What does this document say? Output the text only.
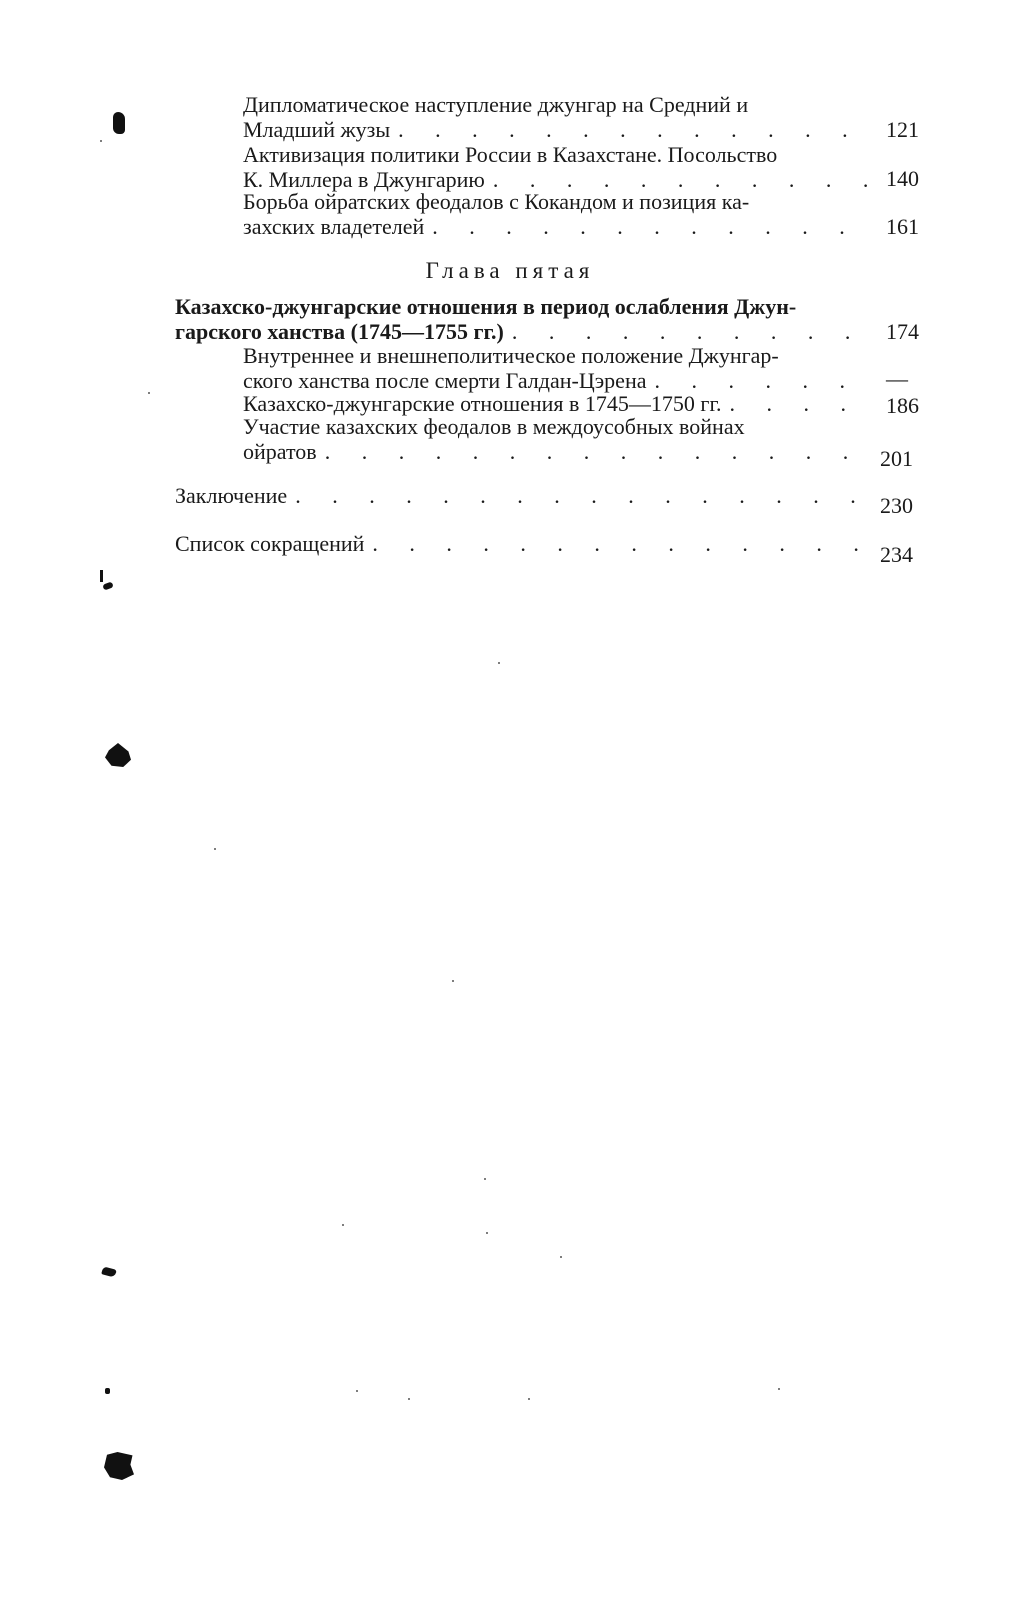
Дипломатическое наступление джунгар на Средний и
Младший жузы . . .	121
Активизация политики России в Казахстане. Посольство
К. Миллера в Джунгарию . . .	140
Борьба ойратских феодалов с Кокандом и позиция ка-
захских владетелей . . .	161
Глава пятая
Казахско-джунгарские отношения в период ослабления Джун-
гарского ханства (1745—1755 гг.) . . .	174
Внутреннее и внешнеполитическое положение Джунгар-
ского ханства после смерти Галдан-Цэрена . . .	—
Казахско-джунгарские отношения в 1745—1750 гг. . . .	186
Участие казахских феодалов в междоусобных войнах
ойратов . . .	201
Заключение . . .	230
Список сокращений . . .	234
